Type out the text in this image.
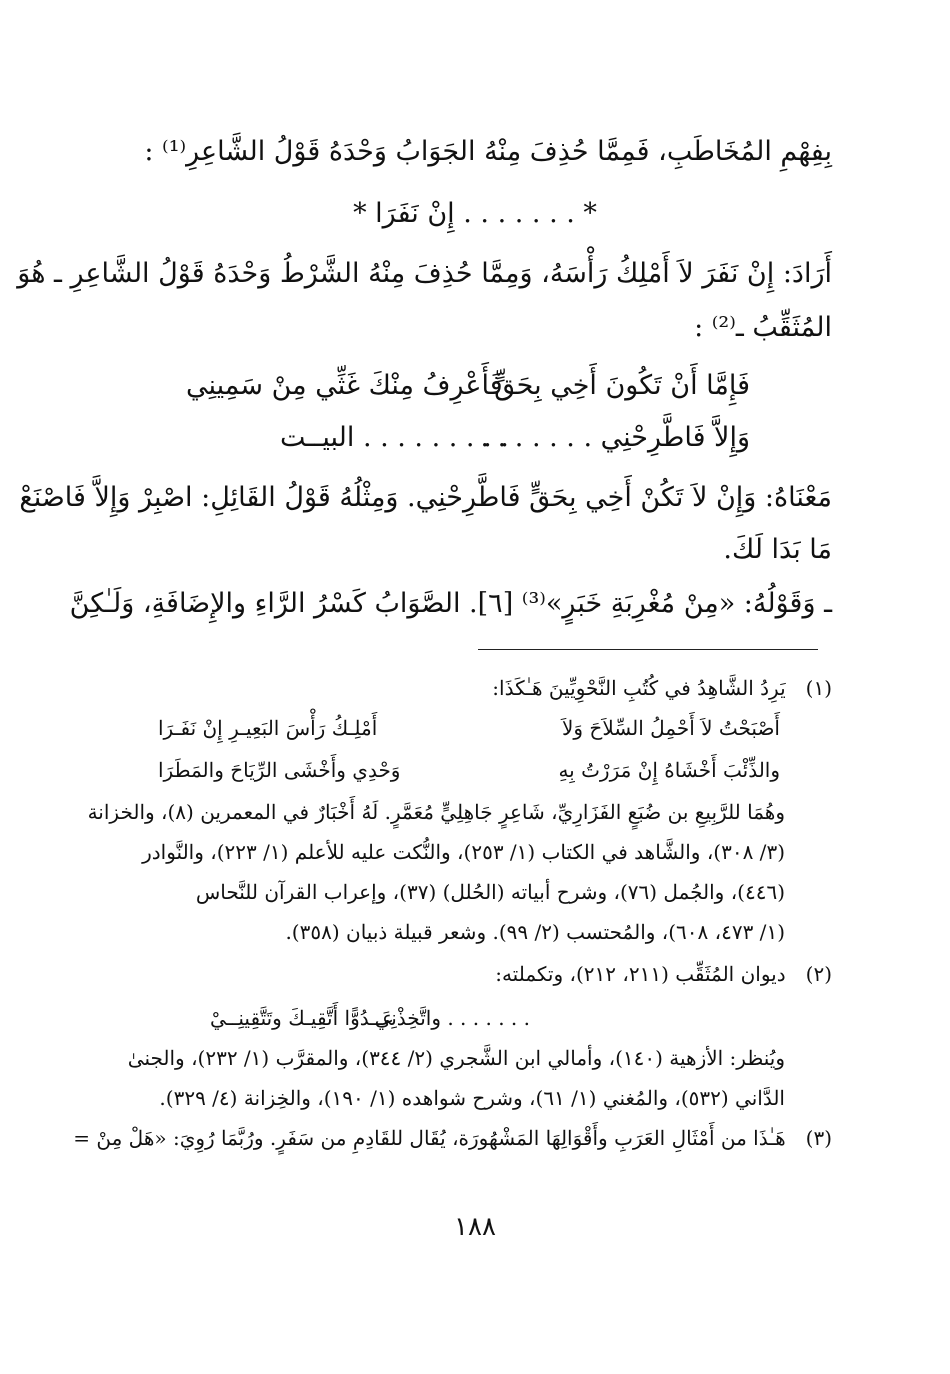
بِفِهْمِ المُخَاطَبِ، فَمِمَّا حُذِفَ مِنْهُ الجَوَابُ وَحْدَهُ قَوْلُ الشَّاعِرِ⁽¹⁾ :
* . . . . . . . إِنْ نَفَرَا *
أَرَادَ: إِنْ نَفَرَ لاَ أَمْلِكُ رَأْسَهُ، وَمِمَّا حُذِفَ مِنْهُ الشَّرْطُ وَحْدَهُ قَوْلُ الشَّاعِرِ ـ هُوَ
المُثَقِّبُ ـ⁽²⁾ :
فَإِمَّا أَنْ تَكُونَ أَخِي بِحَقٍّ
فَأَعْرِفُ مِنْكَ غَثِّي مِنْ سَمِينِي
وَإِلاَّ فَاطَّرِحْنِي . . . . . . .
. . . . . . . . . البيــت
مَعْنَاهُ: وَإِنْ لاَ تَكُنْ أَخِي بِحَقٍّ فَاطَّرِحْنِي. وَمِثْلُهُ قَوْلُ القَائِلِ: اصْبِرْ وَإِلاَّ فَاصْنَعْ
مَا بَدَا لَكَ.
ـ وَقَوْلُهُ: «مِنْ مُغْرِبَةِ خَبَرٍ»⁽³⁾ [٦]. الصَّوَابُ كَسْرُ الرَّاءِ والإِضَافَةِ، وَلَـٰكِنَّ
(١) يَرِدُ الشَّاهِدُ في كُتُبِ النَّحْوِيِّينَ هَـٰكَذَا:
أَصْبَحْتُ لاَ أَحْمِلُ السِّلاَحَ وَلاَ
أَمْلِـكُ رَأْسَ البَعِيـرِ إِنْ نَفَـرَا
والذِّئْبَ أَخْشَاهُ إِنْ مَرَرْتُ بِهِ
وَحْدِي وأَخْشَى الرِّيَاحَ والمَطَرَا
وهُمَا للرَّبِيعِ بن ضُبَعٍ الفَزَارِيِّ، شَاعِرٍ جَاهِلِيٍّ مُعَمَّرٍ. لَهُ أَخْبَارٌ في المعمرين (٨)، والخزانة
(٣/ ٣٠٨)، والشَّاهد في الكتاب (١/ ٢٥٣)، والنُّكت عليه للأعلم (١/ ٢٢٣)، والنَّوادر
(٤٤٦)، والجُمل (٧٦)، وشرح أبياته (الحُلل) (٣٧)، وإعراب القرآن للنَّحاس
(١/ ٤٧٣، ٦٠٨)، والمُحتسب (٢/ ٩٩). وشعر قبيلة ذبيان (٣٥٨).
(٢) ديوان المُثَقِّب (٢١١، ٢١٢)، وتكملته:
. . . . . . . واتَّخِذْنِي
عَــدُوًّا أَتَّقِيـكَ وتَتَّقِينِــيْ
ويُنظر: الأزهية (١٤٠)، وأمالي ابن الشَّجري (٢/ ٣٤٤)، والمقرَّب (١/ ٢٣٢)، والجنىٰ
الدَّاني (٥٣٢)، والمُغني (١/ ٦١)، وشرح شواهده (١/ ١٩٠)، والخِزانة (٤/ ٣٢٩).
(٣) هَـٰذَا من أَمْثَالِ العَرَبِ وأَقْوَالِهَا المَشْهُورَة، يُقَال للقَادِمِ من سَفَرٍ. ورُبَّمَا رُوِيَ: «هَلْ مِنْ =
١٨٨
